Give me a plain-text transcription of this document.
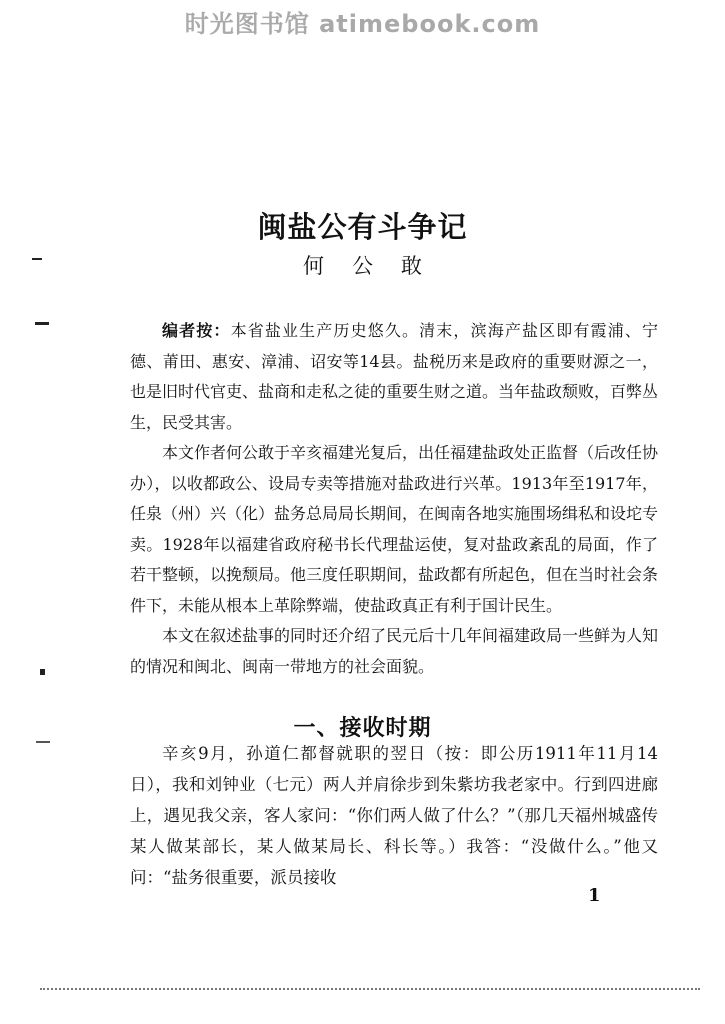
时光图书馆 atimebook.com
闽盐公有斗争记
何公敢

编者按：本省盐业生产历史悠久。清末，滨海产盐区即有霞浦、宁德、莆田、惠安、漳浦、诏安等14县。盐税历来是政府的重要财源之一，也是旧时代官吏、盐商和走私之徒的重要生财之道。当年盐政颓败，百弊丛生，民受其害。

本文作者何公敢于辛亥福建光复后，出任福建盐政处正监督（后改任协办），以收都政公、设局专卖等措施对盐政进行兴革。1913年至1917年，任泉（州）兴（化）盐务总局局长期间，在闽南各地实施围场缉私和设坨专卖。1928年以福建省政府秘书长代理盐运使，复对盐政紊乱的局面，作了若干整顿，以挽颓局。他三度任职期间，盐政都有所起色，但在当时社会条件下，未能从根本上革除弊端，使盐政真正有利于国计民生。

本文在叙述盐事的同时还介绍了民元后十几年间福建政局一些鲜为人知的情况和闽北、闽南一带地方的社会面貌。

一、接收时期

辛亥9月，孙道仁都督就职的翌日（按：即公历1911年11月14日），我和刘钟业（七元）两人并肩徐步到朱紫坊我老家中。行到四进廊上，遇见我父亲，客人家问：“你们两人做了什么？”（那几天福州城盛传某人做某部长，某人做某局长、科长等。）我答：“没做什么。”他又问：“盐务很重要，派员接收

1
